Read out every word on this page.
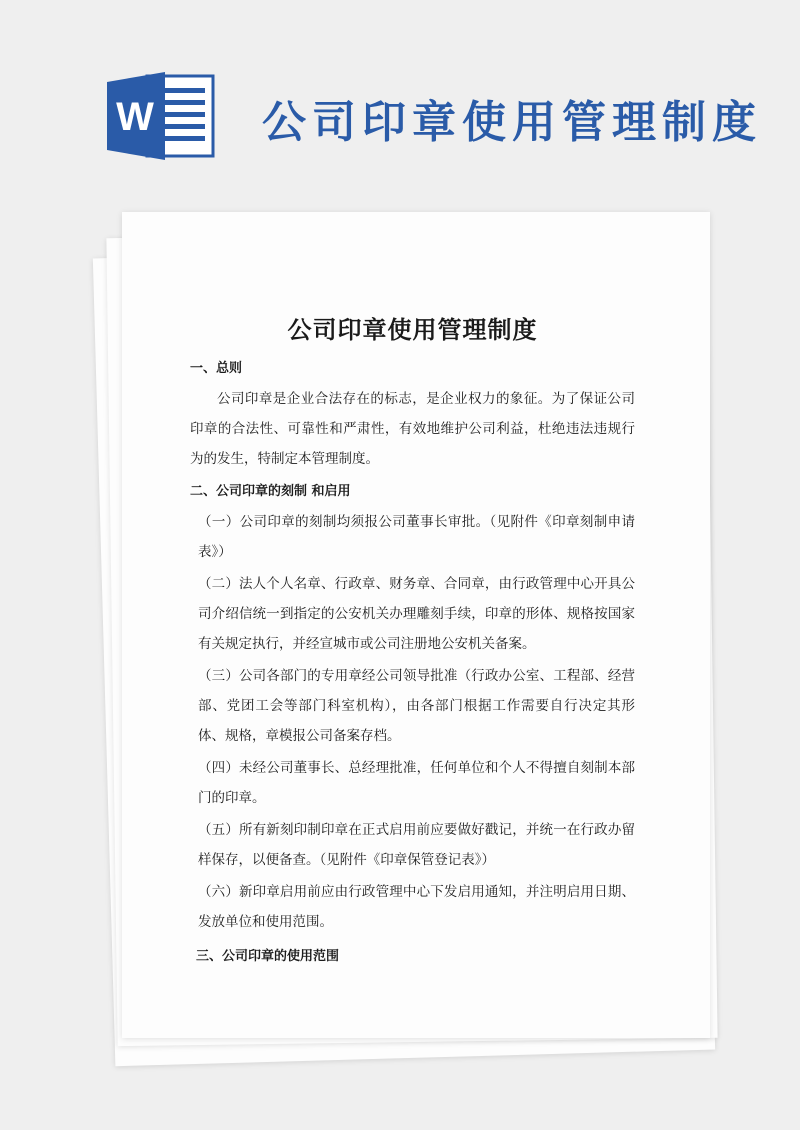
W 公司印章使用管理制度
公司印章使用管理制度
一、总则

公司印章是企业合法存在的标志，是企业权力的象征。为了保证公司印章的合法性、可靠性和严肃性，有效地维护公司利益，杜绝违法违规行为的发生，特制定本管理制度。

二、公司印章的刻制 和启用

（一）公司印章的刻制均须报公司董事长审批。（见附件《印章刻制申请表》）

（二）法人个人名章、行政章、财务章、合同章，由行政管理中心开具公司介绍信统一到指定的公安机关办理雕刻手续，印章的形体、规格按国家有关规定执行，并经宣城市或公司注册地公安机关备案。

（三）公司各部门的专用章经公司领导批准（行政办公室、工程部、经营部、党团工会等部门科室机构），由各部门根据工作需要自行决定其形体、规格，章模报公司备案存档。

（四）未经公司董事长、总经理批准，任何单位和个人不得擅自刻制本部门的印章。

（五）所有新刻印制印章在正式启用前应要做好戳记，并统一在行政办留样保存，以便备查。（见附件《印章保管登记表》）

（六）新印章启用前应由行政管理中心下发启用通知，并注明启用日期、发放单位和使用范围。

三、公司印章的使用范围
